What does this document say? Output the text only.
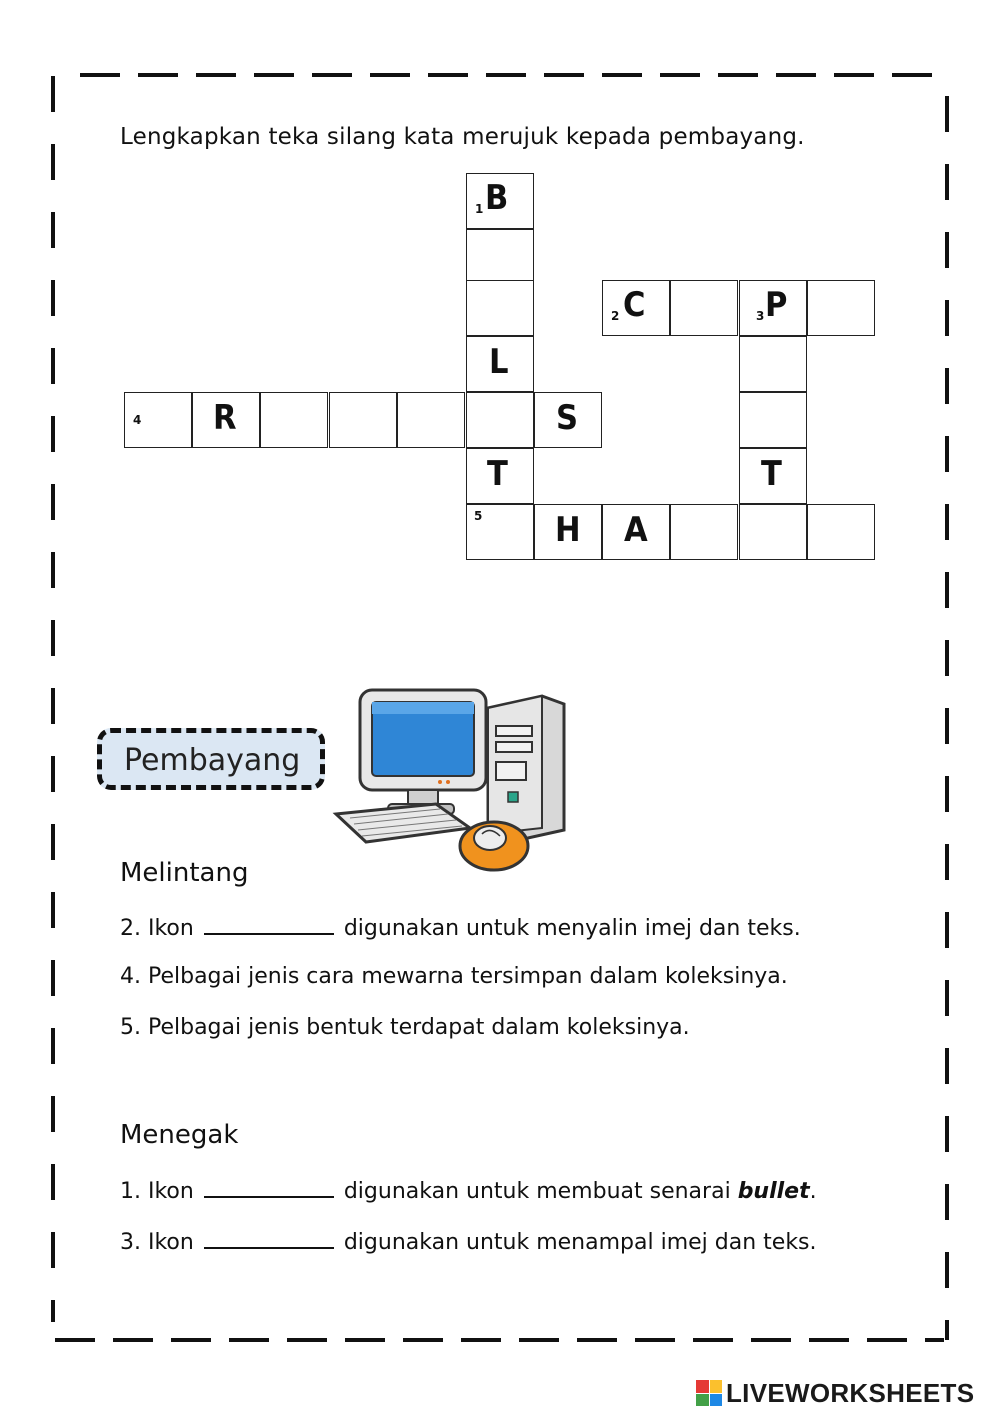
Lengkapkan teka silang kata merujuk kepada pembayang.
1
2	3
4
5
B
C	P
L
R	S
T	T
H A
Pembayang
Melintang
2. Ikon	digunakan untuk menyalin imej dan teks.
4. Pelbagai jenis cara mewarna tersimpan dalam koleksinya.
5. Pelbagai jenis bentuk terdapat dalam koleksinya.
Menegak
1. Ikon	digunakan untuk membuat senarai bullet.
3. Ikon	digunakan untuk menampal imej dan teks.
LIVEWORKSHEETS
